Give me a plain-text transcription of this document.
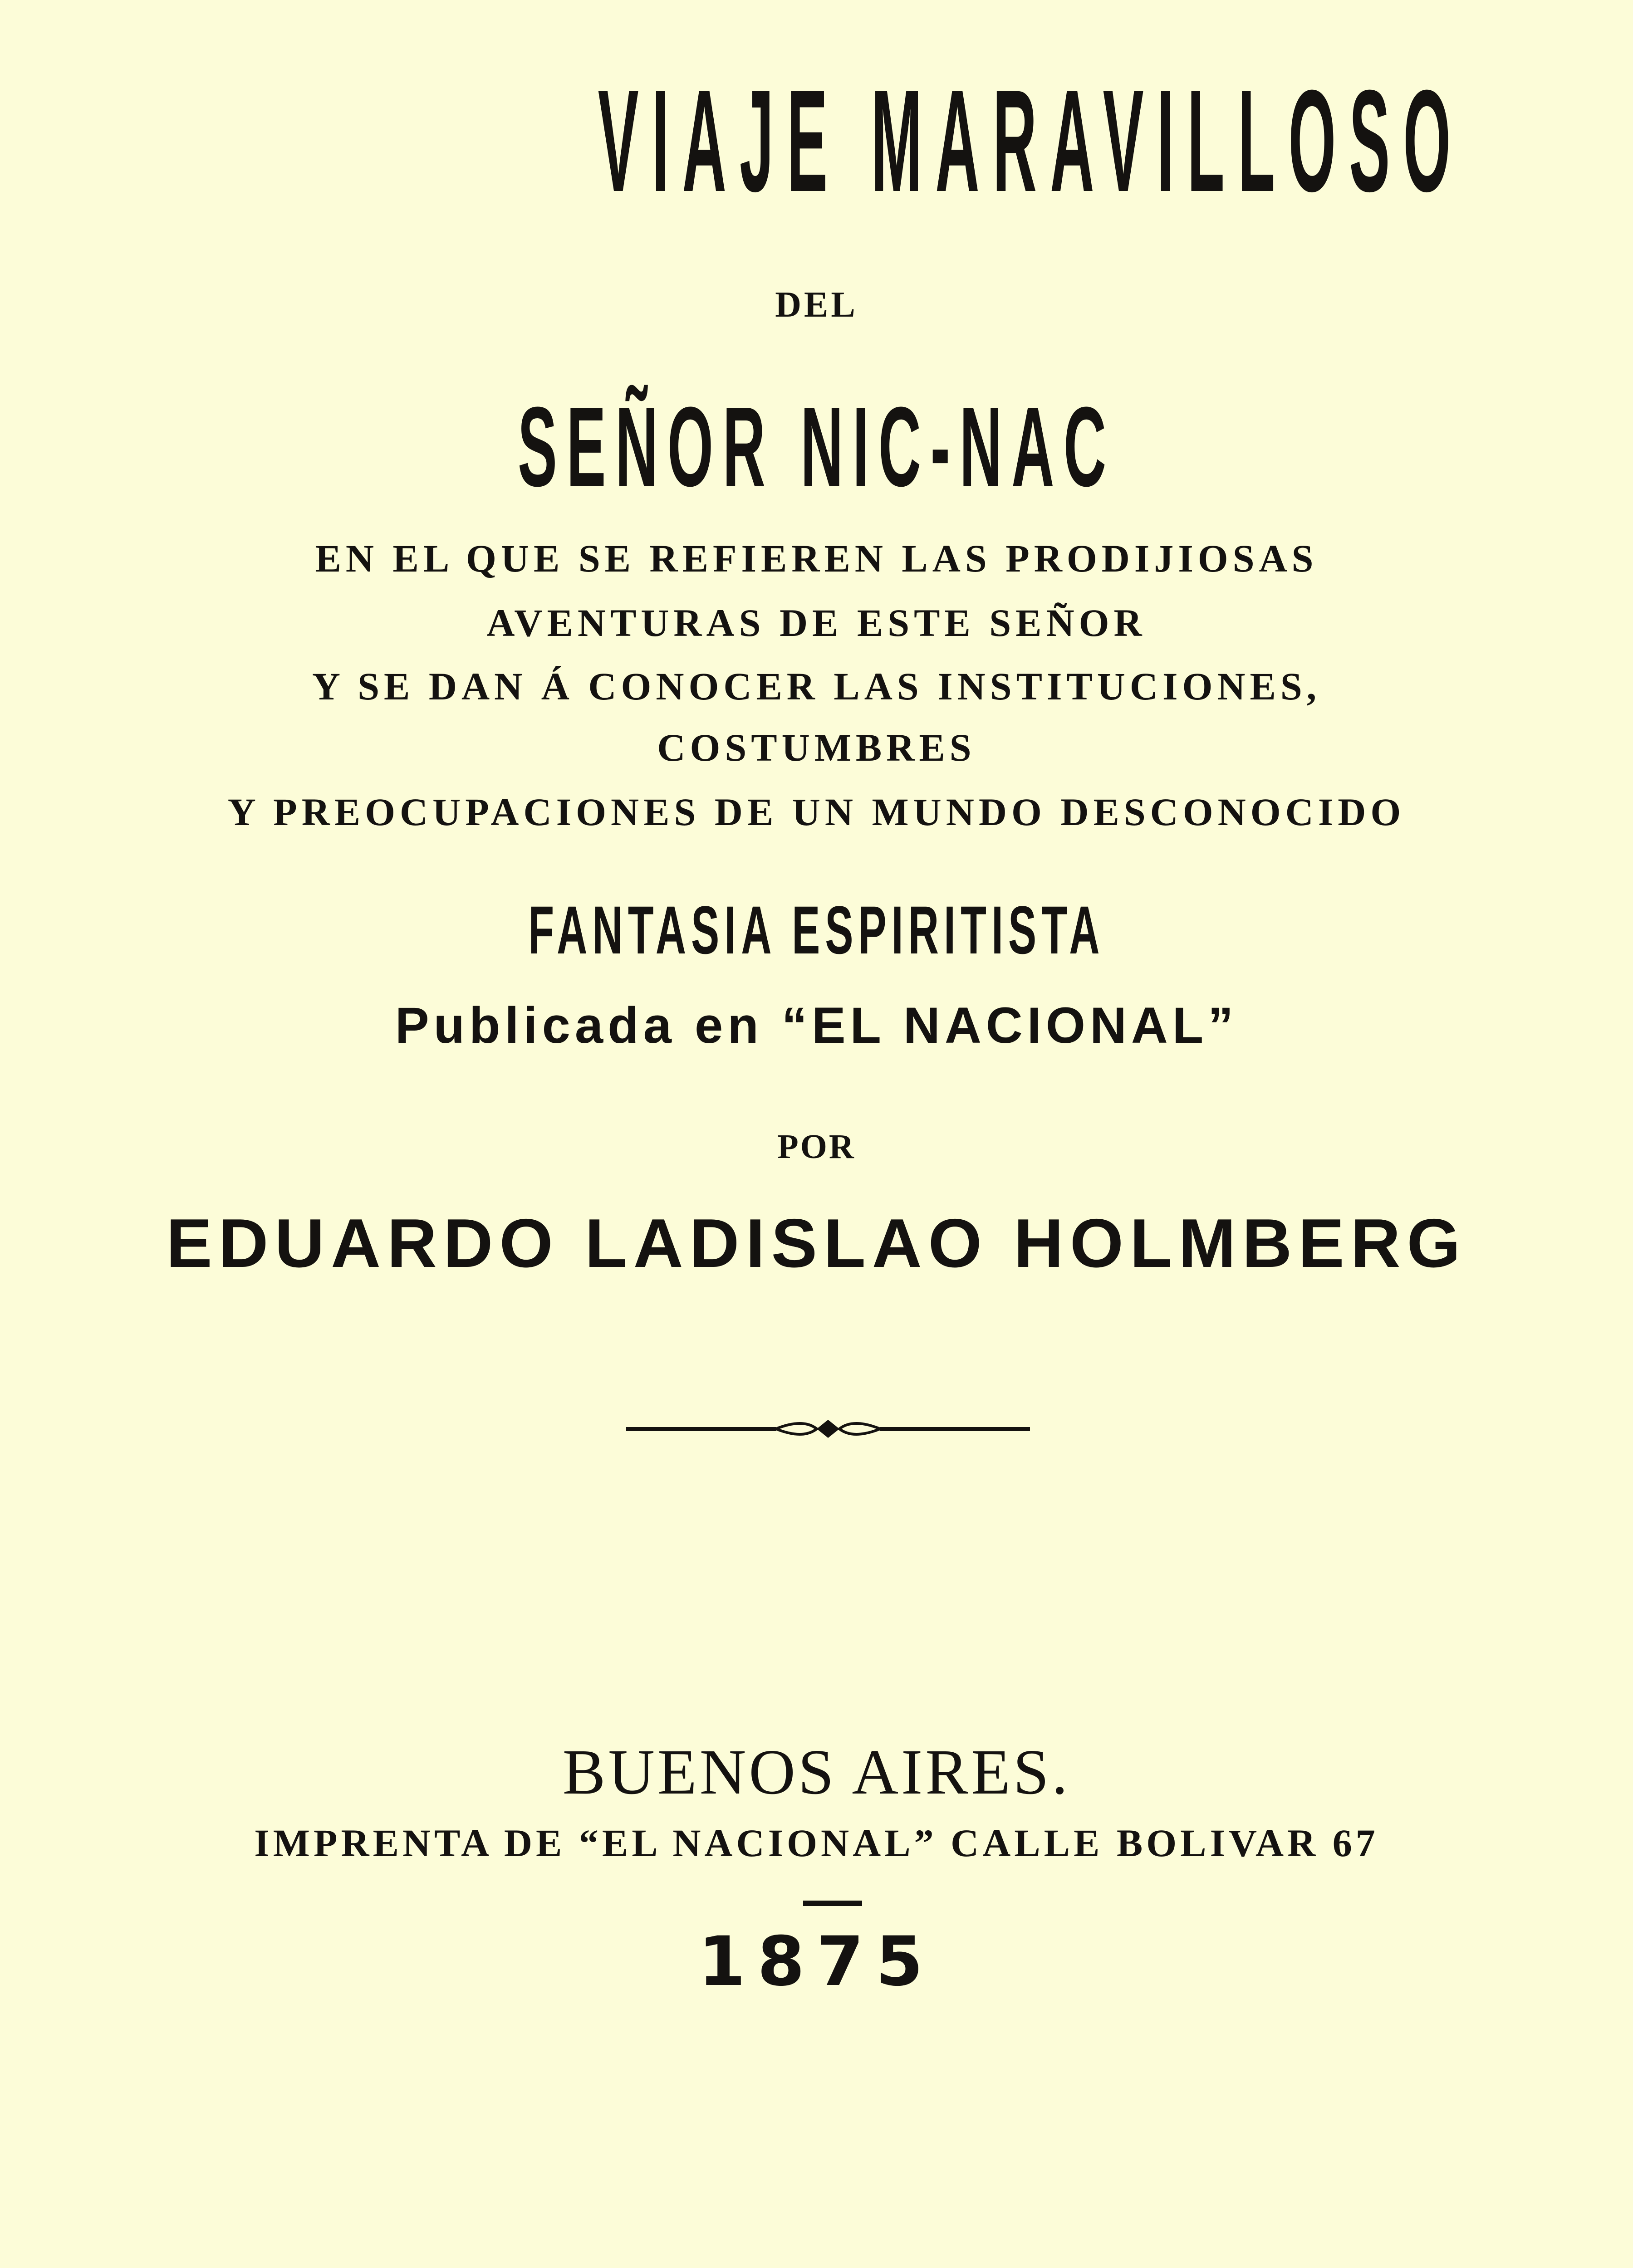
VIAJE MARAVILLOSO
DEL
SEÑOR NIC-NAC
EN EL QUE SE REFIEREN LAS PRODIJIOSAS
AVENTURAS DE ESTE SEÑOR
Y SE DAN Á CONOCER LAS INSTITUCIONES,
COSTUMBRES
Y PREOCUPACIONES DE UN MUNDO DESCONOCIDO
FANTASIA ESPIRITISTA
Publicada en “EL NACIONAL”
POR
EDUARDO LADISLAO HOLMBERG
BUENOS AIRES.
IMPRENTA DE “EL NACIONAL” CALLE BOLIVAR 67
1875
